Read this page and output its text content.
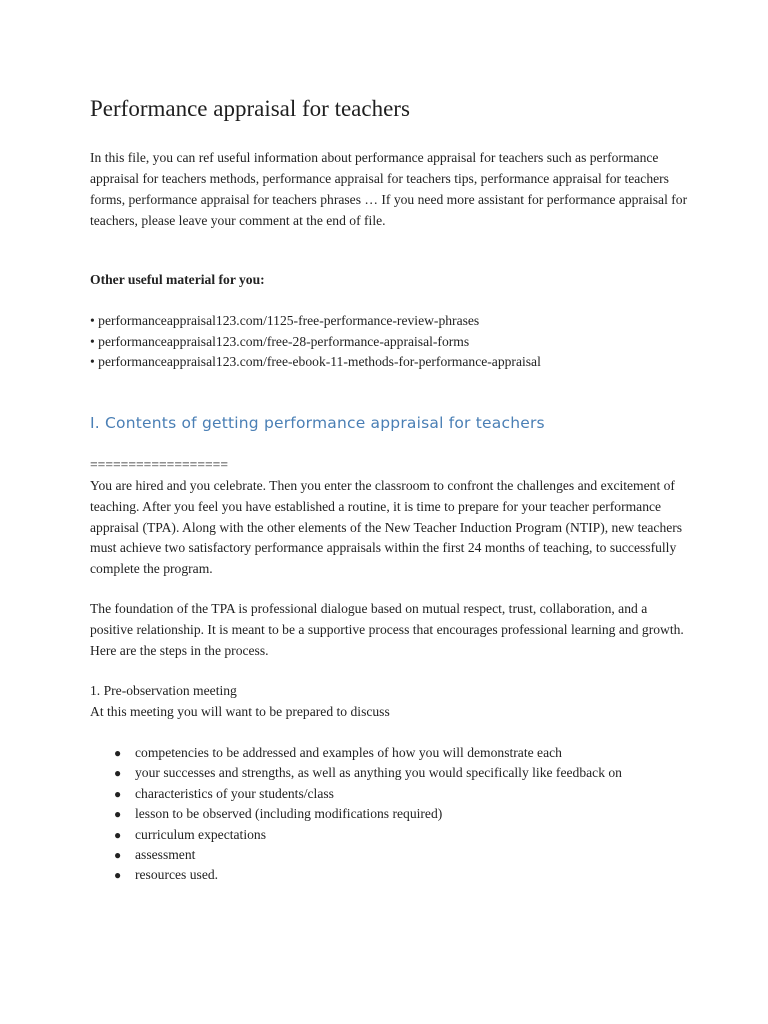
Performance appraisal for teachers

In this file, you can ref useful information about performance appraisal for teachers such as performance appraisal for teachers methods, performance appraisal for teachers tips, performance appraisal for teachers forms, performance appraisal for teachers phrases … If you need more assistant for performance appraisal for teachers, please leave your comment at the end of file.

Other useful material for you:

• performanceappraisal123.com/1125-free-performance-review-phrases
• performanceappraisal123.com/free-28-performance-appraisal-forms
• performanceappraisal123.com/free-ebook-11-methods-for-performance-appraisal
I. Contents of getting performance appraisal for teachers

==================

You are hired and you celebrate. Then you enter the classroom to confront the challenges and excitement of teaching. After you feel you have established a routine, it is time to prepare for your teacher performance appraisal (TPA). Along with the other elements of the New Teacher Induction Program (NTIP), new teachers must achieve two satisfactory performance appraisals within the first 24 months of teaching, to successfully complete the program.

The foundation of the TPA is professional dialogue based on mutual respect, trust, collaboration, and a positive relationship. It is meant to be a supportive process that encourages professional learning and growth. Here are the steps in the process.

1. Pre-observation meeting

At this meeting you will want to be prepared to discuss

● competencies to be addressed and examples of how you will demonstrate each
● your successes and strengths, as well as anything you would specifically like feedback on
● characteristics of your students/class
● lesson to be observed (including modifications required)
● curriculum expectations
● assessment
● resources used.
